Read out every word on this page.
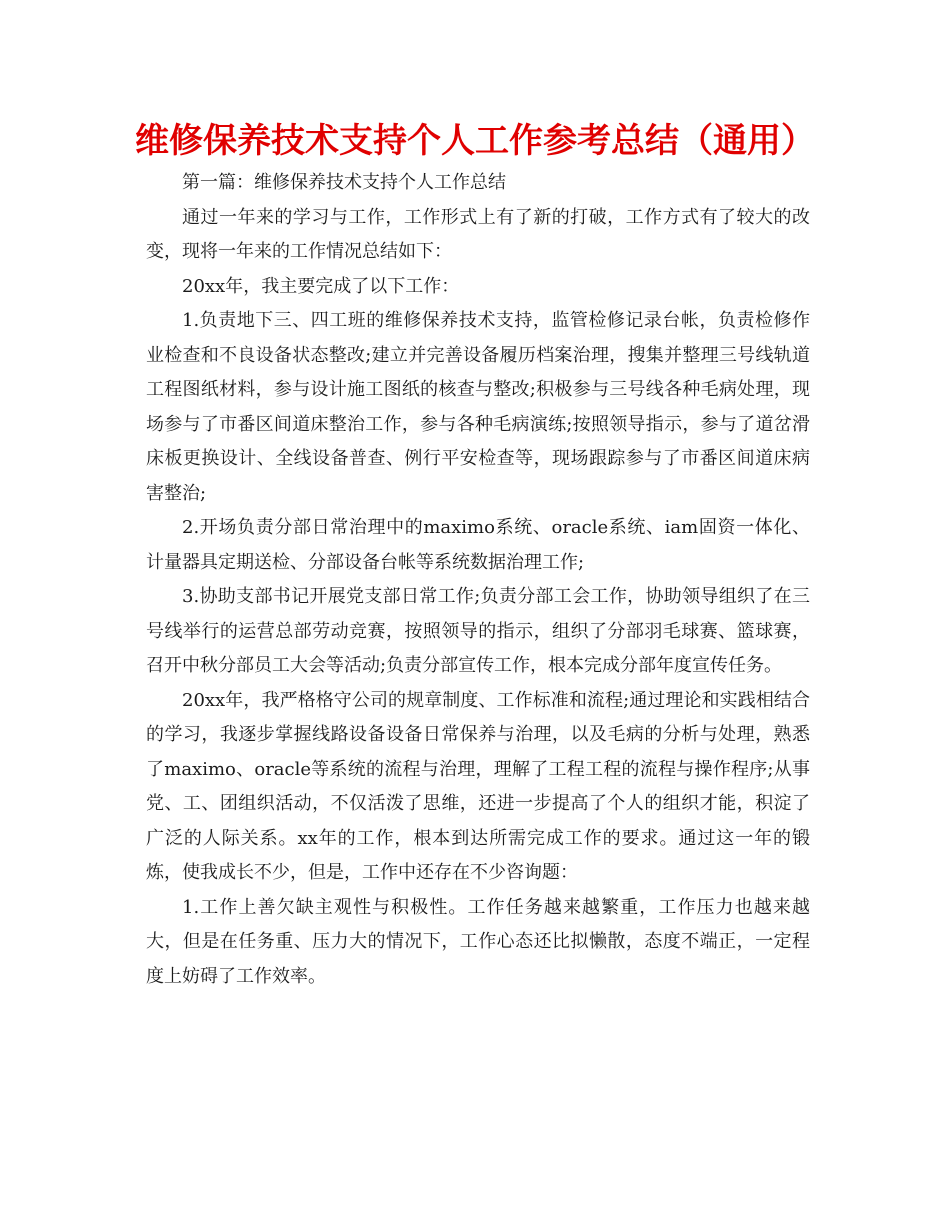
维修保养技术支持个人工作参考总结（通用）

第一篇：维修保养技术支持个人工作总结

通过一年来的学习与工作，工作形式上有了新的打破，工作方式有了较大的改变，现将一年来的工作情况总结如下：

20xx年，我主要完成了以下工作：

1.负责地下三、四工班的维修保养技术支持，监管检修记录台帐，负责检修作业检查和不良设备状态整改;建立并完善设备履历档案治理，搜集并整理三号线轨道工程图纸材料，参与设计施工图纸的核查与整改;积极参与三号线各种毛病处理，现场参与了市番区间道床整治工作，参与各种毛病演练;按照领导指示，参与了道岔滑床板更换设计、全线设备普查、例行平安检查等，现场跟踪参与了市番区间道床病害整治;

2.开场负责分部日常治理中的maximo系统、oracle系统、iam固资一体化、计量器具定期送检、分部设备台帐等系统数据治理工作;

3.协助支部书记开展党支部日常工作;负责分部工会工作，协助领导组织了在三号线举行的运营总部劳动竞赛，按照领导的指示，组织了分部羽毛球赛、篮球赛，召开中秋分部员工大会等活动;负责分部宣传工作，根本完成分部年度宣传任务。

20xx年，我严格格守公司的规章制度、工作标准和流程;通过理论和实践相结合的学习，我逐步掌握线路设备设备日常保养与治理，以及毛病的分析与处理，熟悉了maximo、oracle等系统的流程与治理，理解了工程工程的流程与操作程序;从事党、工、团组织活动，不仅活泼了思维，还进一步提高了个人的组织才能，积淀了广泛的人际关系。xx年的工作，根本到达所需完成工作的要求。通过这一年的锻炼，使我成长不少，但是，工作中还存在不少咨询题：

1.工作上善欠缺主观性与积极性。工作任务越来越繁重，工作压力也越来越大，但是在任务重、压力大的情况下，工作心态还比拟懒散，态度不端正，一定程度上妨碍了工作效率。
